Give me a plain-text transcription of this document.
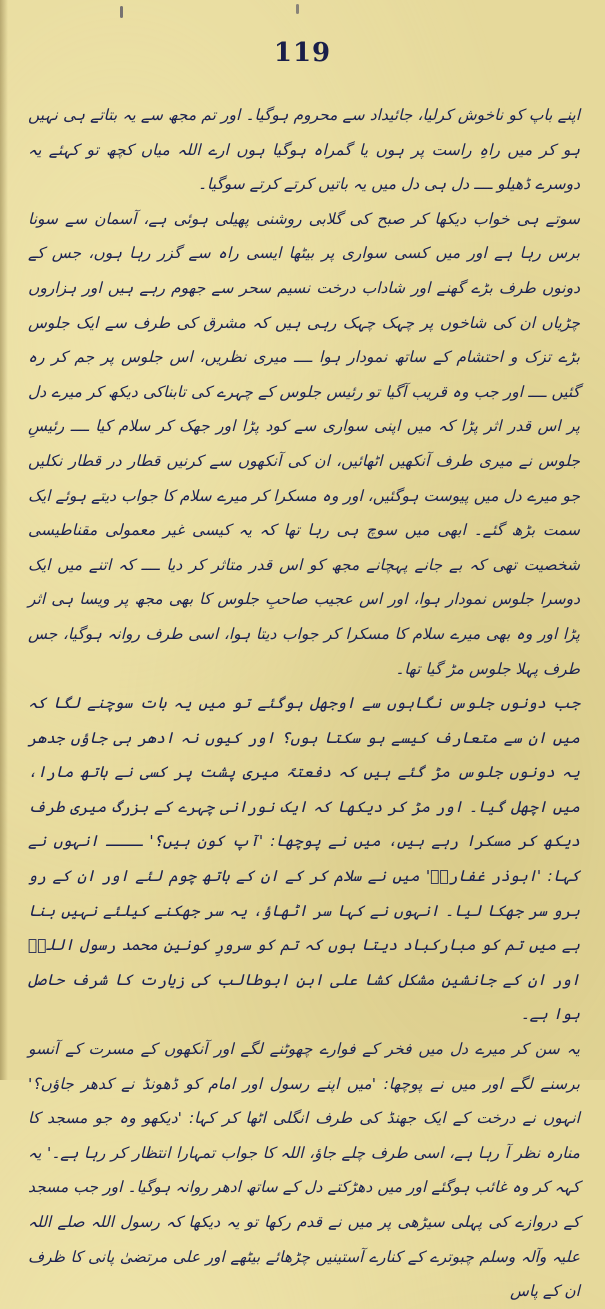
119

اپنے باپ کو ناخوش کرلیا، جائیداد سے محروم ہوگیا۔ اور تم مجھ سے یہ بتاتے ہی نہیں ہو کر میں راہِ راست پر ہوں یا گمراہ ہوگیا ہوں ارے اللہ میاں کچھ تو کہئے یہ دوسرے ڈھیلو ــــ دل ہی دل میں یہ باتیں کرتے کرتے سوگیا۔

سوتے ہی خواب دیکھا کر صبح کی گلابی روشنی پھیلی ہوئی ہے، آسمان سے سونا برس رہا ہے اور میں کسی سواری پر بیٹھا ایسی راہ سے گزر رہا ہوں، جس کے دونوں طرف بڑے گھنے اور شاداب درخت نسیم سحر سے جھوم رہے ہیں اور ہزاروں چڑیاں ان کی شاخوں پر چہک چہک رہی ہیں کہ مشرق کی طرف سے ایک جلوس بڑے تزک و احتشام کے ساتھ نمودار ہوا ــــ میری نظریں، اس جلوس پر جم کر رہ گئیں ــــ اور جب وہ قریب آگیا تو رئیس جلوس کے چہرے کی تابناکی دیکھ کر میرے دل پر اس قدر اثر پڑا کہ میں اپنی سواری سے کود پڑا اور جھک کر سلام کیا ــــ رئیسِ جلوس نے میری طرف آنکھیں اٹھائیں، ان کی آنکھوں سے کرنیں قطار در قطار نکلیں جو میرے دل میں پیوست ہوگئیں، اور وہ مسکرا کر میرے سلام کا جواب دیتے ہوئے ایک سمت بڑھ گئے۔ ابھی میں سوچ ہی رہا تھا کہ یہ کیسی غیر معمولی مقناطیسی شخصیت تھی کہ بے جانے پہچانے مجھ کو اس قدر متاثر کر دیا ــــ کہ اتنے میں ایک دوسرا جلوس نمودار ہوا، اور اس عجیب صاحبِ جلوس کا بھی مجھ پر ویسا ہی اثر پڑا اور وہ بھی میرے سلام کا مسکرا کر جواب دیتا ہوا، اسی طرف روانہ ہوگیا، جس طرف پہلا جلوس مڑ گیا تھا۔

جب دونوں جلوس نگاہوں سے اوجھل ہوگئے تو میں یہ بات سوچنے لگا کہ میں ان سے متعارف کیسے ہو سکتا ہوں؟ اور کیوں نہ ادھر ہی جاؤں جدھر یہ دونوں جلوس مڑ گئے ہیں کہ دفعتہً میری پشت پر کسی نے ہاتھ مارا، میں اچھل گیا۔ اور مڑ کر دیکھا کہ ایک نورانی چہرے کے بزرگ میری طرف دیکھ کر مسکرا رہے ہیں، میں نے پوچھا: 'آپ کون ہیں؟' ــــ انہوں نے کہا: 'ابوذر غفاریؓ' میں نے سلام کر کے ان کے ہاتھ چوم لئے اور ان کے رو برو سر جھکا لیا۔ انہوں نے کہا سر اٹھاؤ، یہ سر جھکنے کیلئے نہیں بنا ہے میں تم کو مبارکباد دیتا ہوں کہ تم کو سرورِ کونین محمد رسول اللہؐ اور ان کے جانشین مشکل کشا علی ابن ابوطالب کی زیارت کا شرف حاصل ہوا ہے۔

یہ سن کر میرے دل میں فخر کے فوارے چھوٹنے لگے اور آنکھوں کے مسرت کے آنسو برسنے لگے اور میں نے پوچھا: 'میں اپنے رسول اور امام کو ڈھونڈ نے کدھر جاؤں؟' انہوں نے درخت کے ایک جھنڈ کی طرف انگلی اٹھا کر کہا: 'دیکھو وہ جو مسجد کا منارہ نظر آ رہا ہے، اسی طرف چلے جاؤ، اللہ کا جواب تمہارا انتظار کر رہا ہے۔' یہ کہہ کر وہ غائب ہوگئے اور میں دھڑکتے دل کے ساتھ ادھر روانہ ہوگیا۔ اور جب مسجد کے دروازے کی پہلی سیڑھی پر میں نے قدم رکھا تو یہ دیکھا کہ رسول اللہ صلے اللہ علیہ وآلہ وسلم چبوترے کے کنارے آستینیں چڑھائے بیٹھے اور علی مرتضیٰ پانی کا ظرف ان کے پاس
